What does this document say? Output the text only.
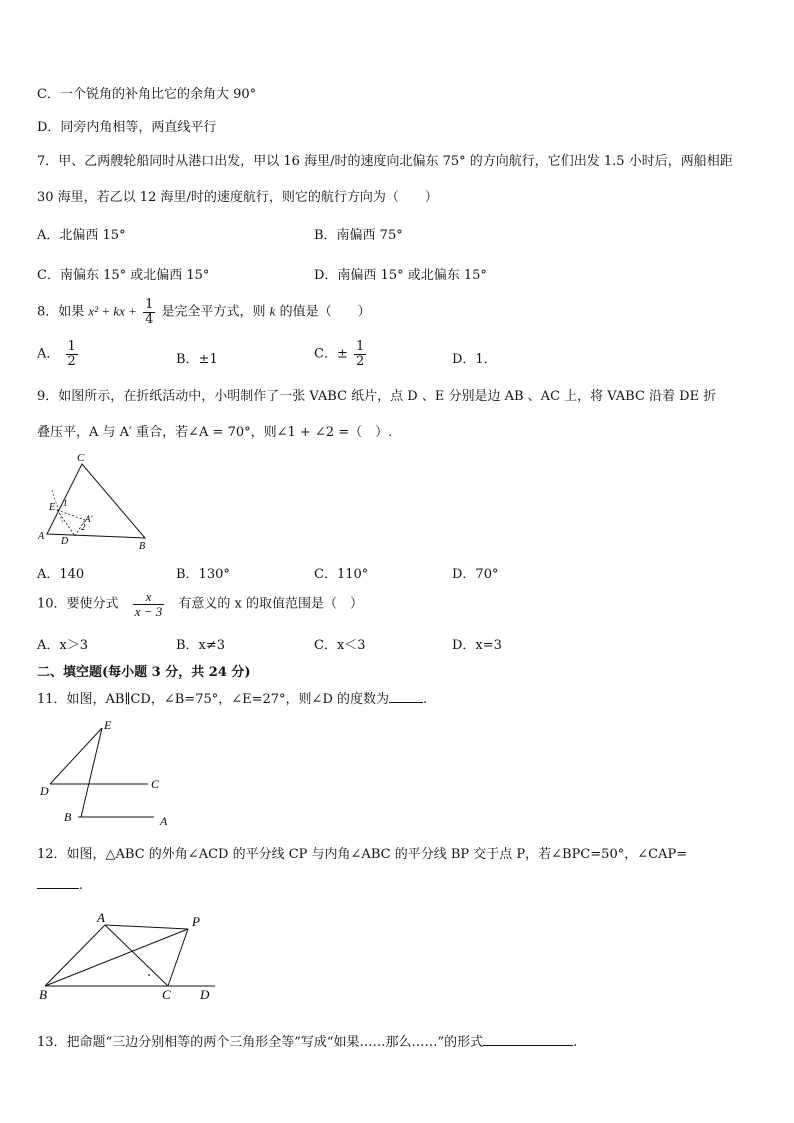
C．一个锐角的补角比它的余角大 90°
D．同旁内角相等，两直线平行
7．甲、乙两艘轮船同时从港口出发，甲以 16 海里/时的速度向北偏东 75° 的方向航行，它们出发 1.5 小时后，两船相距
30 海里，若乙以 12 海里/时的速度航行，则它的航行方向为（　　）
A．北偏西 15°	B．南偏西 75°
C．南偏东 15° 或北偏西 15°	D．南偏西 15° 或北偏东 15°
8．如果 x² + kx + $\frac{1}{4}$ 是完全平方式，则 k 的值是（　　）
A． $\frac{1}{2}$	B．±1	C．± $\frac{1}{2}$	D．1．
9．如图所示，在折纸活动中，小明制作了一张 VABC 纸片，点 D 、E 分别是边 AB 、AC 上，将 VABC 沿着 DE 折
叠压平，A 与 A′ 重合，若∠A = 70°，则∠1 + ∠2 =（　）.
C
E 1
A′
2
A D	B
A．140	B．130°	C．110°	D．70°
10．要使分式 $\frac{x}{x - 3}$ 有意义的 x 的取值范围是（　）
A．x＞3	B．x≠3	C．x＜3	D．x=3
二、填空题(每小题 3 分，共 24 分)
11．如图，AB∥CD，∠B=75°，∠E=27°，则∠D 的度数为	.
E
D	C
B	A
12．如图，△ABC 的外角∠ACD 的平分线 CP 与内角∠ABC 的平分线 BP 交于点 P，若∠BPC=50°，∠CAP=
.
A	P
B	C D
13．把命题“三边分别相等的两个三角形全等”写成“如果……那么……”的形式	.
